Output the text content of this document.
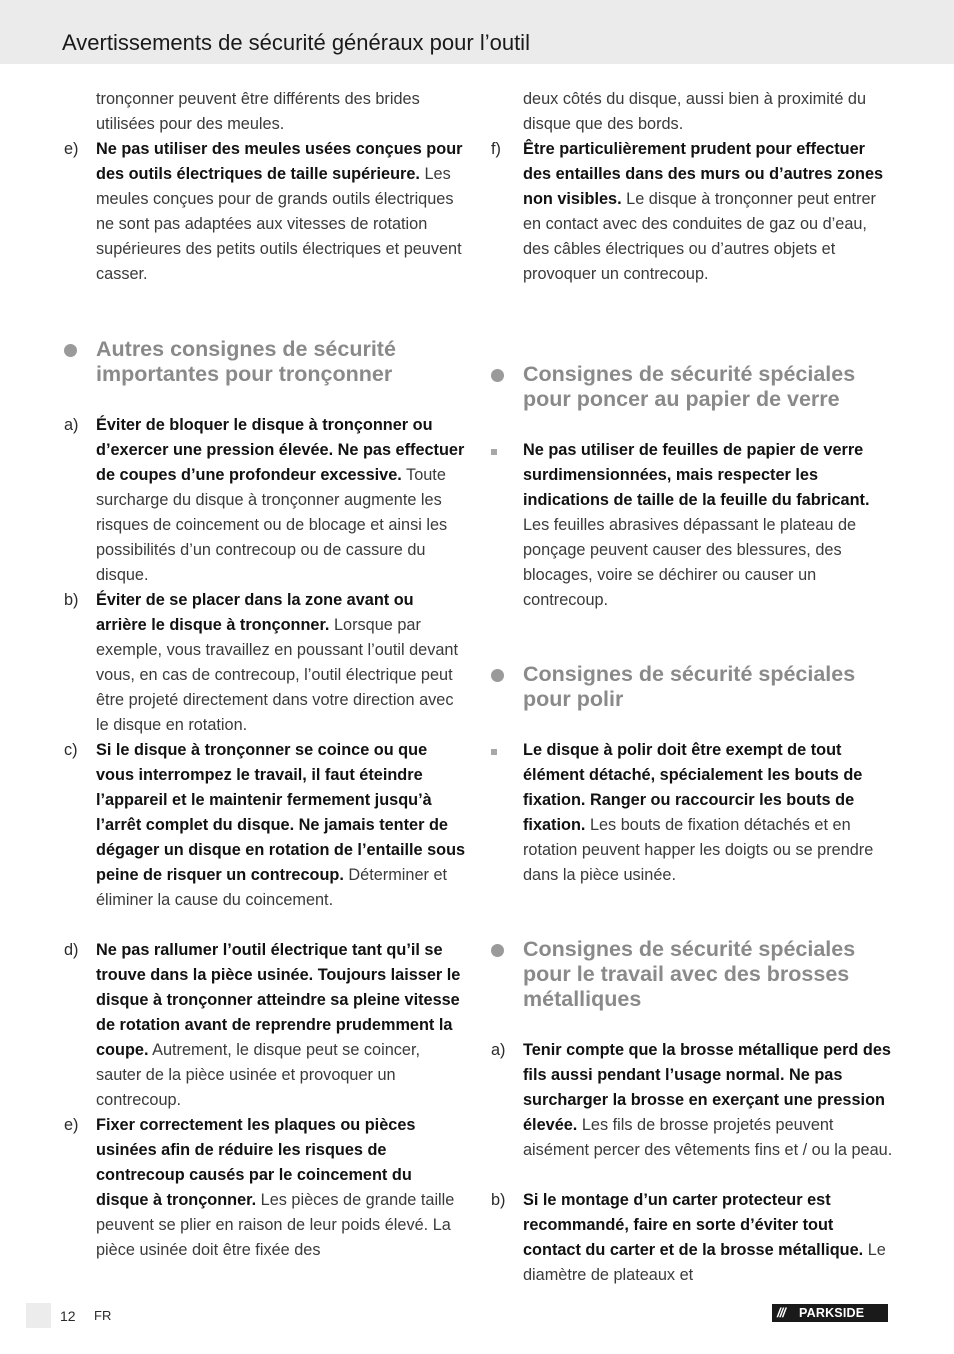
Avertissements de sécurité généraux pour l’outil
tronçonner peuvent être différents des brides utilisées pour des meules.
e)	Ne pas utiliser des meules usées conçues pour des outils électriques de taille supérieure. Les meules conçues pour de grands outils électriques ne sont pas adaptées aux vitesses de rotation supérieures des petits outils électriques et peuvent casser.
Autres consignes de sécurité importantes pour tronçonner
a)	Éviter de bloquer le disque à tronçonner ou d’exercer une pression élevée. Ne pas effectuer de coupes d’une profondeur excessive. Toute surcharge du disque à tronçonner augmente les risques de coincement ou de blocage et ainsi les possibilités d’un contrecoup ou de cassure du disque.
b)	Éviter de se placer dans la zone avant ou arrière le disque à tronçonner. Lorsque par exemple, vous travaillez en poussant l’outil devant vous, en cas de contrecoup, l’outil électrique peut être projeté directement dans votre direction avec le disque en rotation.
c)	Si le disque à tronçonner se coince ou que vous interrompez le travail, il faut éteindre l’appareil et le maintenir fermement jusqu’à l’arrêt complet du disque. Ne jamais tenter de dégager un disque en rotation de l’entaille sous peine de risquer un contrecoup. Déterminer et éliminer la cause du coincement.
d)	Ne pas rallumer l’outil électrique tant qu’il se trouve dans la pièce usinée. Toujours laisser le disque à tronçonner atteindre sa pleine vitesse de rotation avant de reprendre prudemment la coupe. Autrement, le disque peut se coincer, sauter de la pièce usinée et provoquer un contrecoup.
e)	Fixer correctement les plaques ou pièces usinées afin de réduire les risques de contrecoup causés par le coincement du disque à tronçonner. Les pièces de grande taille peuvent se plier en raison de leur poids élevé. La pièce usinée doit être fixée des
deux côtés du disque, aussi bien à proximité du disque que des bords.
f)	Être particulièrement prudent pour effectuer des entailles dans des murs ou d’autres zones non visibles. Le disque à tronçonner peut entrer en contact avec des conduites de gaz ou d’eau, des câbles électriques ou d’autres objets et provoquer un contrecoup.
Consignes de sécurité spéciales pour poncer au papier de verre
Ne pas utiliser de feuilles de papier de verre surdimensionnées, mais respecter les indications de taille de la feuille du fabricant. Les feuilles abrasives dépassant le plateau de ponçage peuvent causer des blessures, des blocages, voire se déchirer ou causer un contrecoup.
Consignes de sécurité spéciales pour polir
Le disque à polir doit être exempt de tout élément détaché, spécialement les bouts de fixation. Ranger ou raccourcir les bouts de fixation. Les bouts de fixation détachés et en rotation peuvent happer les doigts ou se prendre dans la pièce usinée.
Consignes de sécurité spéciales pour le travail avec des brosses métalliques
a)	Tenir compte que la brosse métallique perd des fils aussi pendant l’usage normal. Ne pas surcharger la brosse en exerçant une pression élevée. Les fils de brosse projetés peuvent aisément percer des vêtements fins et / ou la peau.
b)	Si le montage d’un carter protecteur est recommandé, faire en sorte d’éviter tout contact du carter et de la brosse métallique. Le diamètre de plateaux et
12 FR	/// PARKSIDE
